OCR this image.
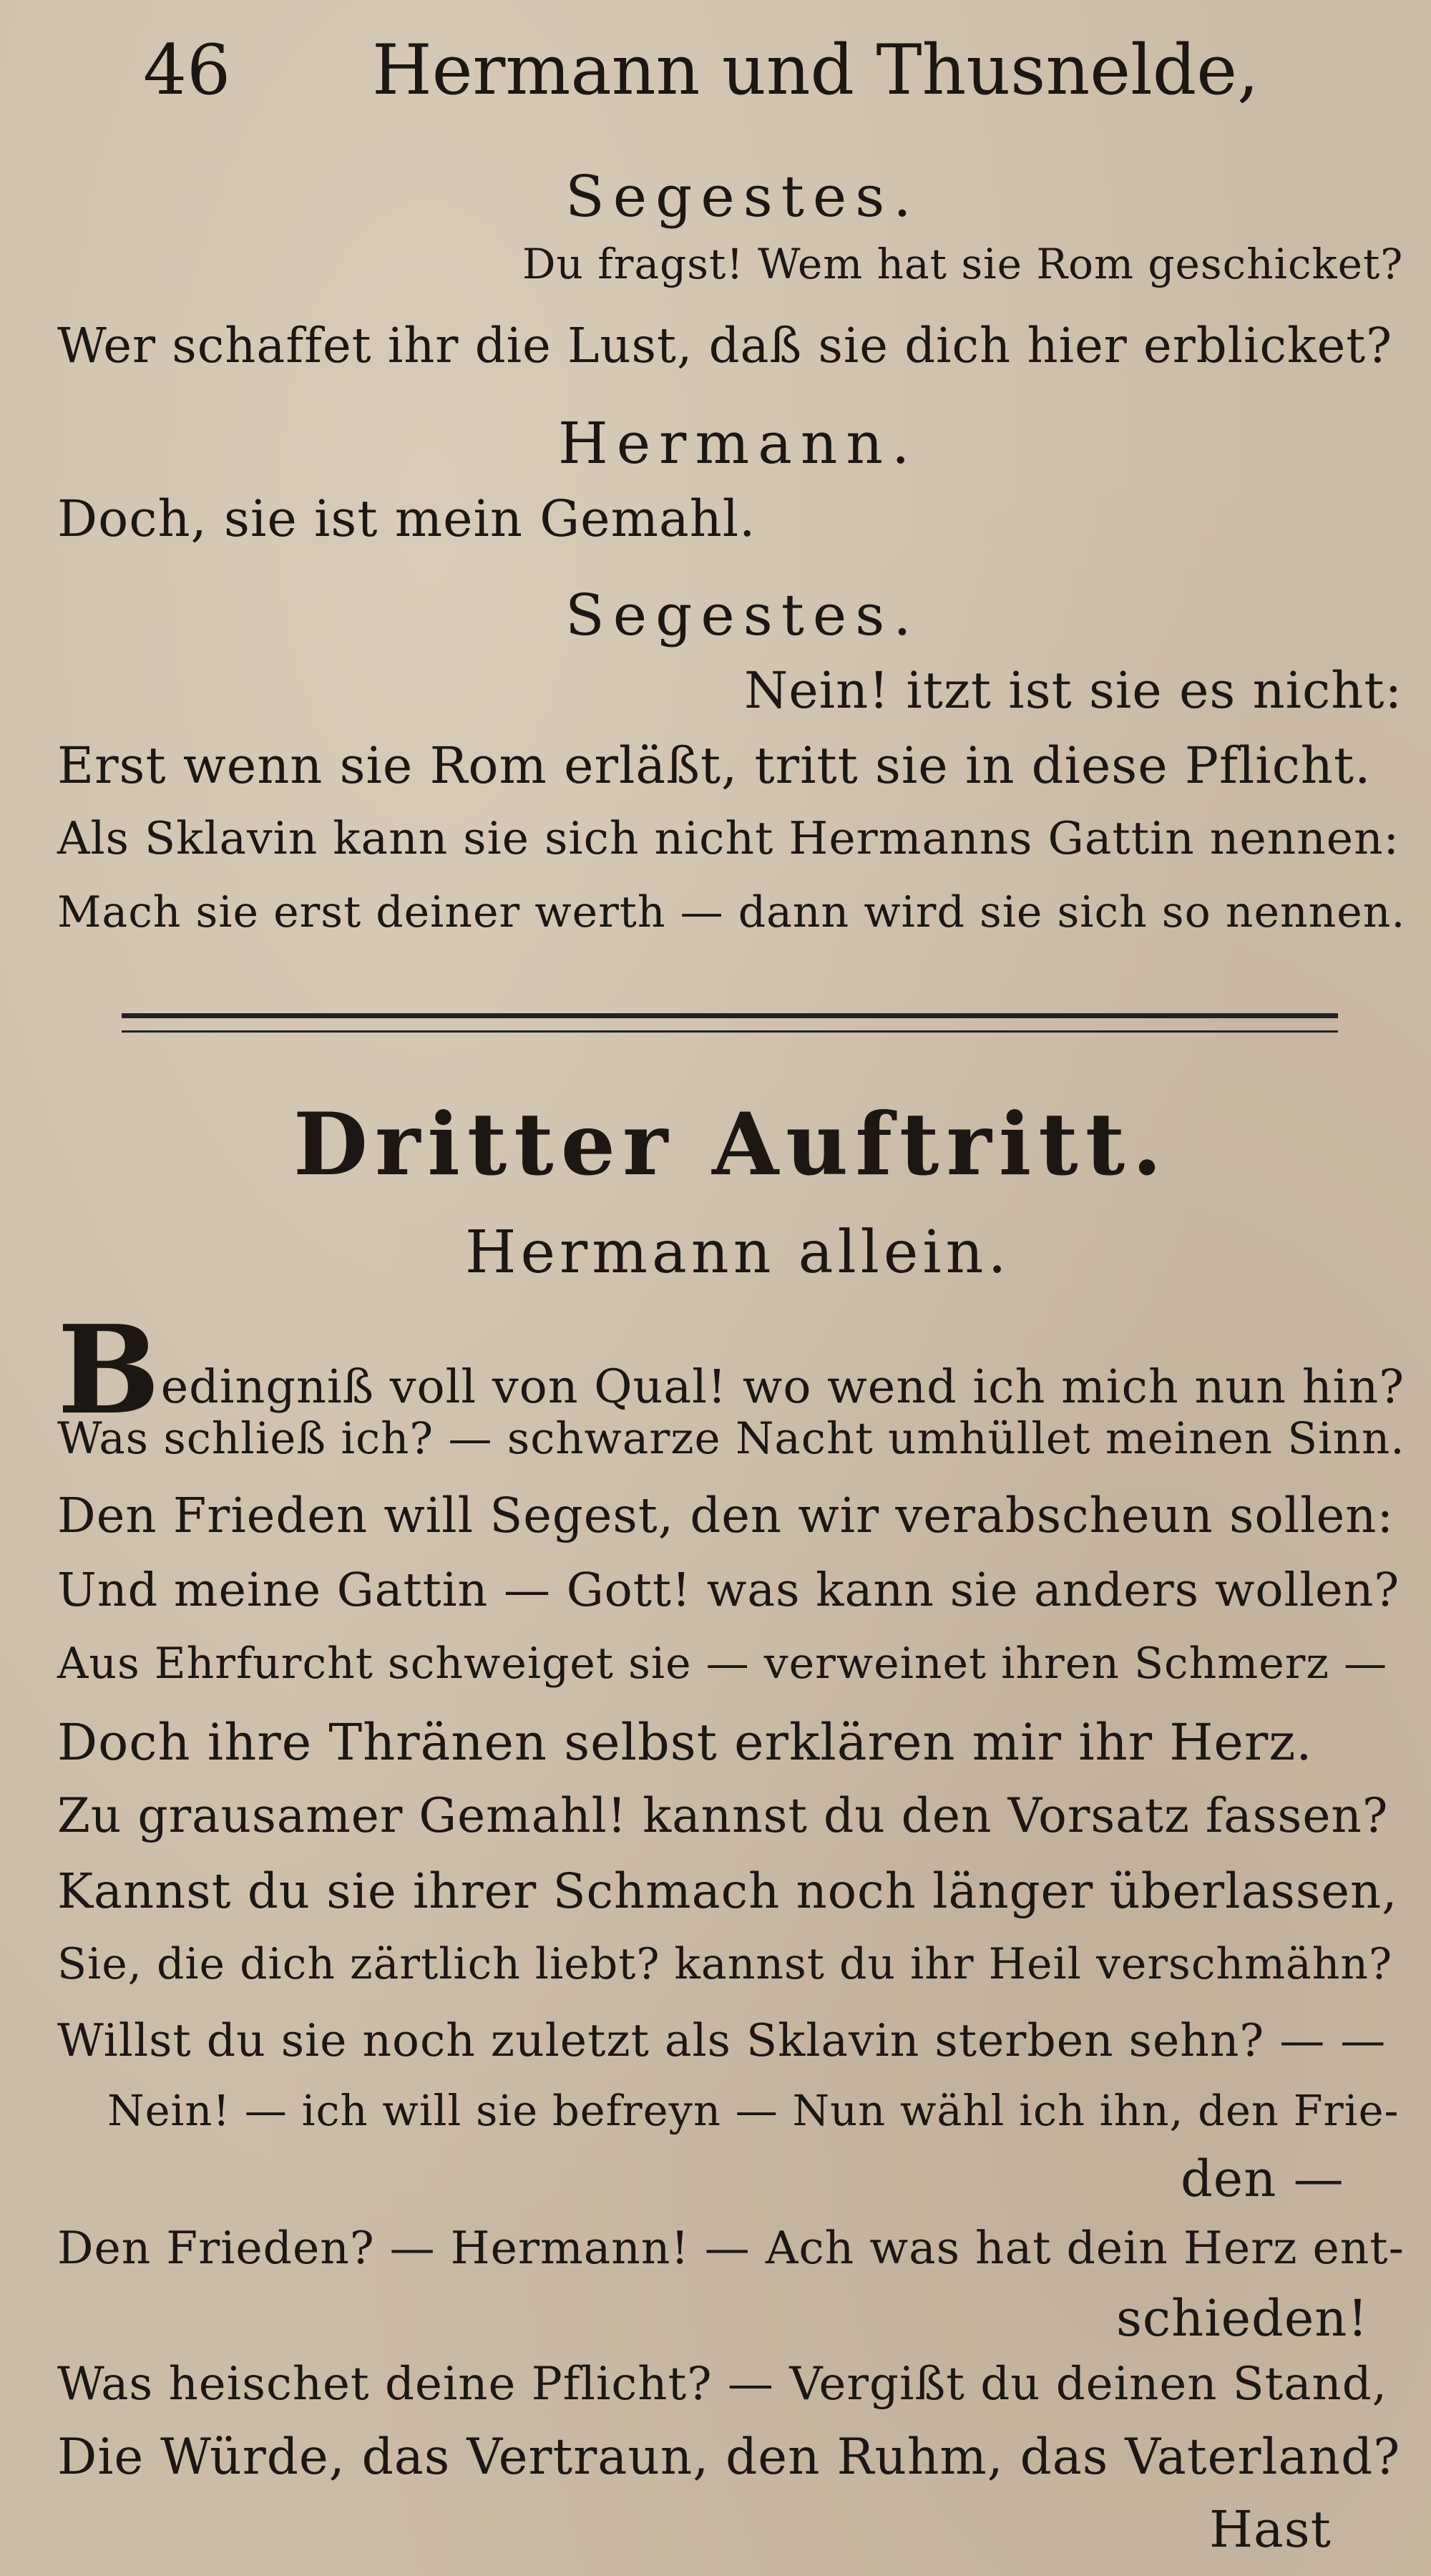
46 Hermann und Thusnelde,
Segestes.
Du fragst! Wem hat sie Rom geschicket?
Wer schaffet ihr die Lust, daß sie dich hier erblicket?
Hermann.
Doch, sie ist mein Gemahl.
Segestes.
Nein! itzt ist sie es nicht:
Erst wenn sie Rom erläßt, tritt sie in diese Pflicht.
Als Sklavin kann sie sich nicht Hermanns Gattin nennen:
Mach sie erst deiner werth — dann wird sie sich so nennen.
Dritter Auftritt.
Hermann allein.
Bedingniß voll von Qual! wo wend ich mich nun hin?
Was schließ ich? — schwarze Nacht umhüllet meinen Sinn.
Den Frieden will Segest, den wir verabscheun sollen:
Und meine Gattin — Gott! was kann sie anders wollen?
Aus Ehrfurcht schweiget sie — verweinet ihren Schmerz —
Doch ihre Thränen selbst erklären mir ihr Herz.
Zu grausamer Gemahl! kannst du den Vorsatz fassen?
Kannst du sie ihrer Schmach noch länger überlassen,
Sie, die dich zärtlich liebt? kannst du ihr Heil verschmähn?
Willst du sie noch zuletzt als Sklavin sterben sehn? — —
Nein! — ich will sie befreyn — Nun wähl ich ihn, den Frie-
den —
Den Frieden? — Hermann! — Ach was hat dein Herz ent-
schieden!
Was heischet deine Pflicht? — Vergißt du deinen Stand,
Die Würde, das Vertraun, den Ruhm, das Vaterland?
Hast
